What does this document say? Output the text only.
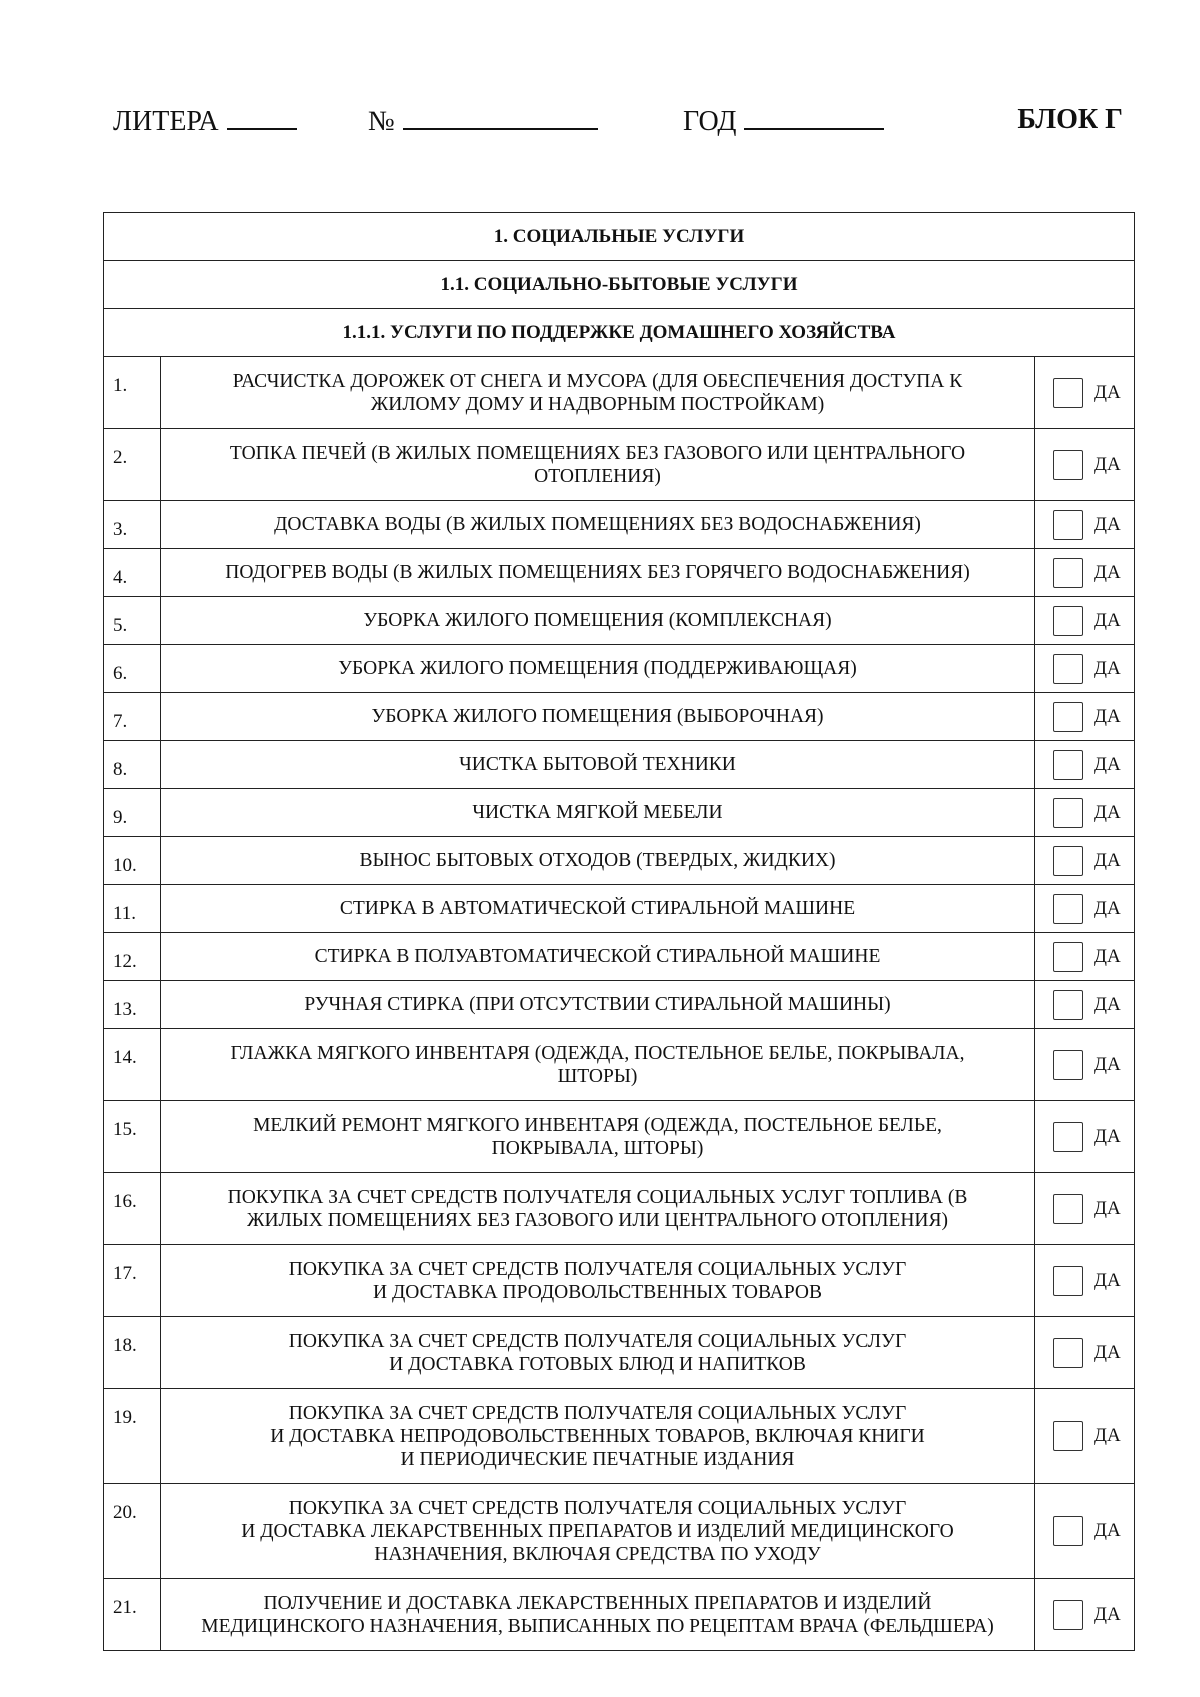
ЛИТЕРА	№	ГОД	БЛОК Г
1. СОЦИАЛЬНЫЕ УСЛУГИ		
1.1. СОЦИАЛЬНО-БЫТОВЫЕ УСЛУГИ		
1.1.1. УСЛУГИ ПО ПОДДЕРЖКЕ ДОМАШНЕГО ХОЗЯЙСТВА		
1.	РАСЧИСТКА ДОРОЖЕК ОТ СНЕГА И МУСОРА (ДЛЯ ОБЕСПЕЧЕНИЯ ДОСТУПА К
ЖИЛОМУ ДОМУ И НАДВОРНЫМ ПОСТРОЙКАМ)	ДА

2.	ТОПКА ПЕЧЕЙ (В ЖИЛЫХ ПОМЕЩЕНИЯХ БЕЗ ГАЗОВОГО ИЛИ ЦЕНТРАЛЬНОГО
ОТОПЛЕНИЯ)	ДА

3.	ДОСТАВКА ВОДЫ (В ЖИЛЫХ ПОМЕЩЕНИЯХ БЕЗ ВОДОСНАБЖЕНИЯ)	ДА

4.	ПОДОГРЕВ ВОДЫ (В ЖИЛЫХ ПОМЕЩЕНИЯХ БЕЗ ГОРЯЧЕГО ВОДОСНАБЖЕНИЯ)	ДА

5.	УБОРКА ЖИЛОГО ПОМЕЩЕНИЯ (КОМПЛЕКСНАЯ)	ДА

6.	УБОРКА ЖИЛОГО ПОМЕЩЕНИЯ (ПОДДЕРЖИВАЮЩАЯ)	ДА

7.	УБОРКА ЖИЛОГО ПОМЕЩЕНИЯ (ВЫБОРОЧНАЯ)	ДА

8.	ЧИСТКА БЫТОВОЙ ТЕХНИКИ	ДА

9.	ЧИСТКА МЯГКОЙ МЕБЕЛИ	ДА

10.	ВЫНОС БЫТОВЫХ ОТХОДОВ (ТВЕРДЫХ, ЖИДКИХ)	ДА

11.	СТИРКА В АВТОМАТИЧЕСКОЙ СТИРАЛЬНОЙ МАШИНЕ	ДА

12.	СТИРКА В ПОЛУАВТОМАТИЧЕСКОЙ СТИРАЛЬНОЙ МАШИНЕ	ДА

13.	РУЧНАЯ СТИРКА (ПРИ ОТСУТСТВИИ СТИРАЛЬНОЙ МАШИНЫ)	ДА

14.	ГЛАЖКА МЯГКОГО ИНВЕНТАРЯ (ОДЕЖДА, ПОСТЕЛЬНОЕ БЕЛЬЕ, ПОКРЫВАЛА,
ШТОРЫ)	ДА

15.	МЕЛКИЙ РЕМОНТ МЯГКОГО ИНВЕНТАРЯ (ОДЕЖДА, ПОСТЕЛЬНОЕ БЕЛЬЕ,
ПОКРЫВАЛА, ШТОРЫ)	ДА

16.	ПОКУПКА ЗА СЧЕТ СРЕДСТВ ПОЛУЧАТЕЛЯ СОЦИАЛЬНЫХ УСЛУГ ТОПЛИВА (В
ЖИЛЫХ ПОМЕЩЕНИЯХ БЕЗ ГАЗОВОГО ИЛИ ЦЕНТРАЛЬНОГО ОТОПЛЕНИЯ)	ДА

17.	ПОКУПКА ЗА СЧЕТ СРЕДСТВ ПОЛУЧАТЕЛЯ СОЦИАЛЬНЫХ УСЛУГ
И ДОСТАВКА ПРОДОВОЛЬСТВЕННЫХ ТОВАРОВ	ДА

18.	ПОКУПКА ЗА СЧЕТ СРЕДСТВ ПОЛУЧАТЕЛЯ СОЦИАЛЬНЫХ УСЛУГ
И ДОСТАВКА ГОТОВЫХ БЛЮД И НАПИТКОВ	ДА

19.	ПОКУПКА ЗА СЧЕТ СРЕДСТВ ПОЛУЧАТЕЛЯ СОЦИАЛЬНЫХ УСЛУГ
И ДОСТАВКА НЕПРОДОВОЛЬСТВЕННЫХ ТОВАРОВ, ВКЛЮЧАЯ КНИГИ
И ПЕРИОДИЧЕСКИЕ ПЕЧАТНЫЕ ИЗДАНИЯ	ДА

20.	ПОКУПКА ЗА СЧЕТ СРЕДСТВ ПОЛУЧАТЕЛЯ СОЦИАЛЬНЫХ УСЛУГ
И ДОСТАВКА ЛЕКАРСТВЕННЫХ ПРЕПАРАТОВ И ИЗДЕЛИЙ МЕДИЦИНСКОГО
НАЗНАЧЕНИЯ, ВКЛЮЧАЯ СРЕДСТВА ПО УХОДУ	ДА

21.	ПОЛУЧЕНИЕ И ДОСТАВКА ЛЕКАРСТВЕННЫХ ПРЕПАРАТОВ И ИЗДЕЛИЙ
МЕДИЦИНСКОГО НАЗНАЧЕНИЯ, ВЫПИСАННЫХ ПО РЕЦЕПТАМ ВРАЧА (ФЕЛЬДШЕРА)	ДА
